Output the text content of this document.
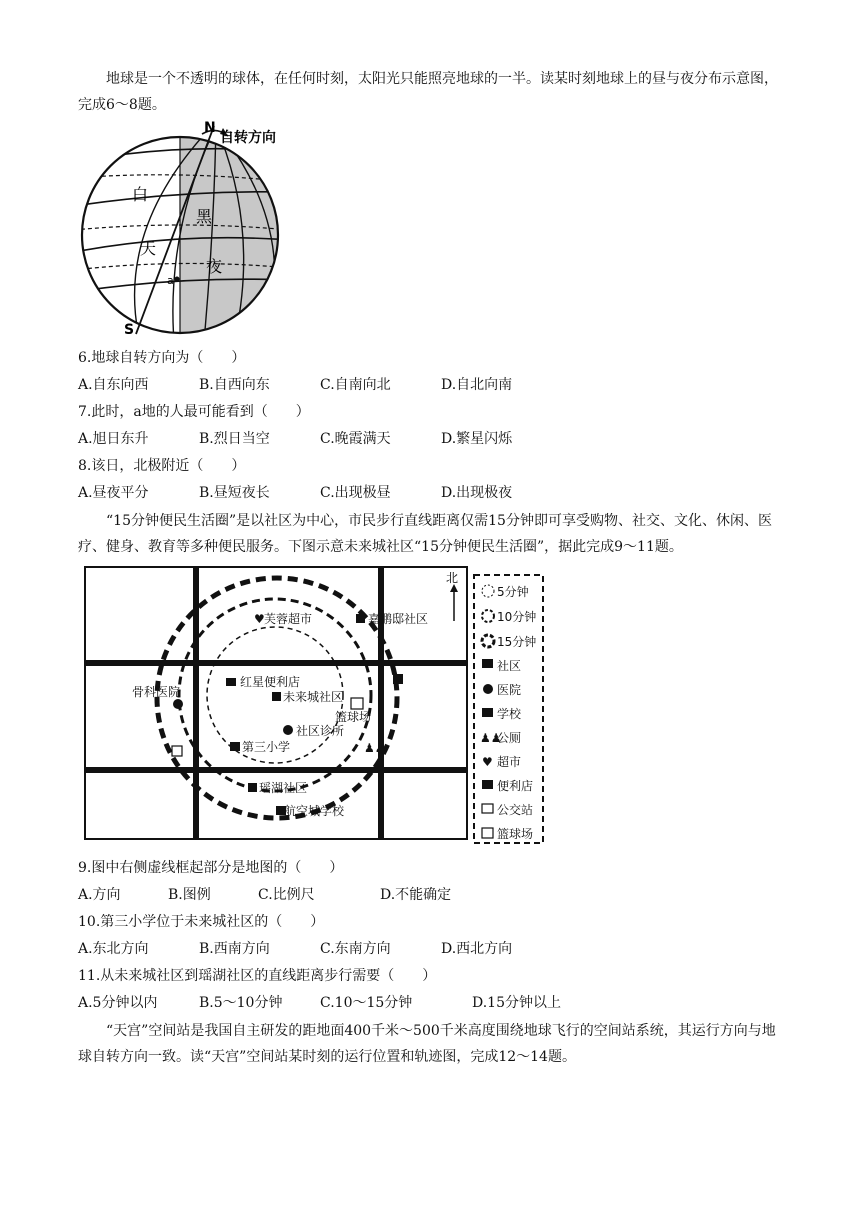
地球是一个不透明的球体，在任何时刻，太阳光只能照亮地球的一半。读某时刻地球上的昼与夜分布示意图，完成6～8题。

N
自转方向
S
白
天
黑
夜
a
6.地球自转方向为（　　）
A.自东向西	B.自西向东	C.自南向北	D.自北向南
7.此时，a地的人最可能看到（　　）
A.旭日东升	B.烈日当空	C.晚霞满天	D.繁星闪烁
8.该日，北极附近（　　）
A.昼夜平分	B.昼短夜长	C.出现极昼	D.出现极夜

“15分钟便民生活圈”是以社区为中心，市民步行直线距离仅需15分钟即可享受购物、社交、文化、休闲、医疗、健身、教育等多种便民服务。下图示意未来城社区“15分钟便民生活圈”，据此完成9～11题。

北
♥ 芙蓉超市	嘉鹏邸社区
红星便利店
骨科医院	未来城社区
篮球场
社区诊所
第三小学	♟♟
瑶湖社区
航空城学校
5分钟
10分钟
15分钟
社区
医院
学校
♟♟
公厕
♥ 超市
便利店
公交站
篮球场
9.图中右侧虚线框起部分是地图的（　　）
A.方向	B.图例	C.比例尺	D.不能确定
10.第三小学位于未来城社区的（　　）
A.东北方向	B.西南方向	C.东南方向	D.西北方向
11.从未来城社区到瑶湖社区的直线距离步行需要（　　）
A.5分钟以内	B.5～10分钟	C.10～15分钟	D.15分钟以上

“天宫”空间站是我国自主研发的距地面400千米～500千米高度围绕地球飞行的空间站系统，其运行方向与地球自转方向一致。读“天宫”空间站某时刻的运行位置和轨迹图，完成12～14题。
